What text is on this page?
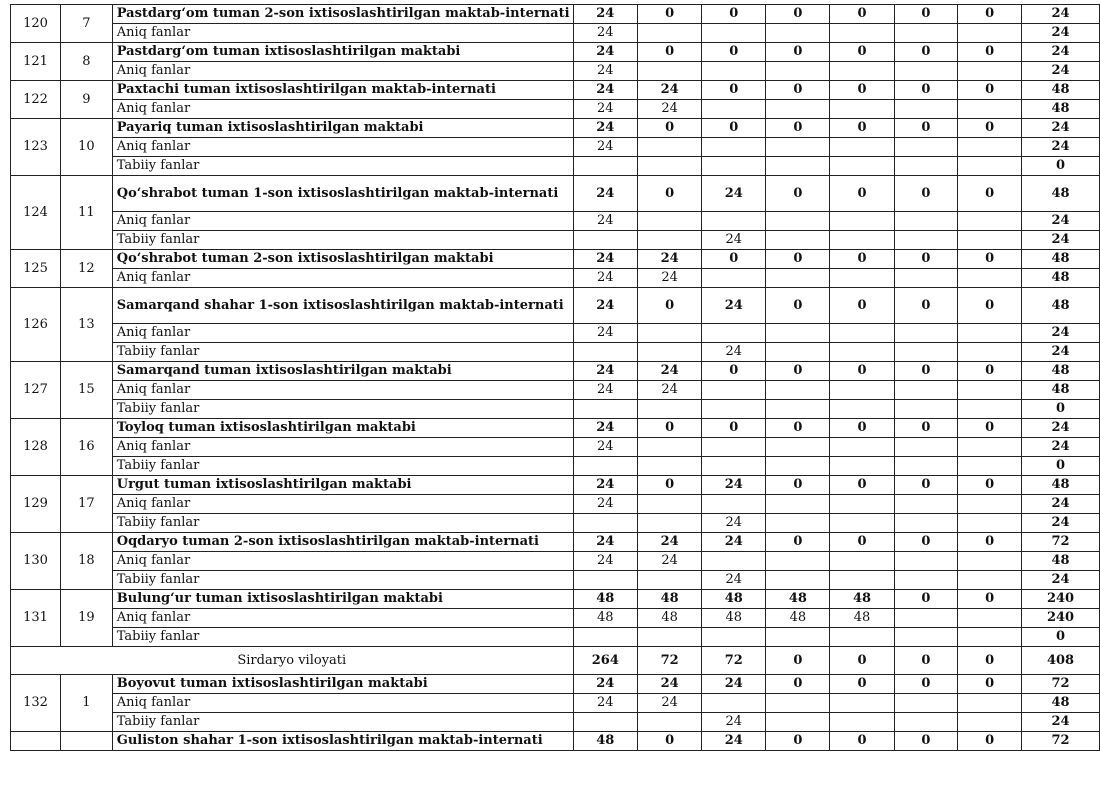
120	7	Pastdarg‘om tuman 2-son ixtisoslashtirilgan maktab-internati	24	0	0	0	0	0	0	24
		Aniq fanlar	24							24
121	8	Pastdarg‘om tuman ixtisoslashtirilgan maktabi	24	0	0	0	0	0	0	24
		Aniq fanlar	24							24
122	9	Paxtachi tuman ixtisoslashtirilgan maktab-internati	24	24	0	0	0	0	0	48
		Aniq fanlar	24	24						48
123	10	Payariq tuman ixtisoslashtirilgan maktabi	24	0	0	0	0	0	0	24
		Aniq fanlar	24							24
		Tabiiy fanlar								0
124	11	Qo‘shrabot tuman 1-son ixtisoslashtirilgan maktab-internati	24	0	24	0	0	0	0	48
		Aniq fanlar	24							24
		Tabiiy fanlar			24					24
125	12	Qo‘shrabot tuman 2-son ixtisoslashtirilgan maktabi	24	24	0	0	0	0	0	48
		Aniq fanlar	24	24						48
126	13	Samarqand shahar 1-son ixtisoslashtirilgan maktab-internati	24	0	24	0	0	0	0	48
		Aniq fanlar	24							24
		Tabiiy fanlar			24					24
127	15	Samarqand tuman ixtisoslashtirilgan maktabi	24	24	0	0	0	0	0	48
		Aniq fanlar	24	24						48
		Tabiiy fanlar								0
128	16	Toyloq tuman ixtisoslashtirilgan maktabi	24	0	0	0	0	0	0	24
		Aniq fanlar	24							24
		Tabiiy fanlar								0
129	17	Urgut tuman ixtisoslashtirilgan maktabi	24	0	24	0	0	0	0	48
		Aniq fanlar	24							24
		Tabiiy fanlar			24					24
130	18	Oqdaryo tuman 2-son ixtisoslashtirilgan maktab-internati	24	24	24	0	0	0	0	72
		Aniq fanlar	24	24						48
		Tabiiy fanlar			24					24
131	19	Bulung‘ur tuman ixtisoslashtirilgan maktabi	48	48	48	48	48	0	0	240
		Aniq fanlar	48	48	48	48	48			240
		Tabiiy fanlar								0
Sirdaryo viloyati			264	72	72	0	0	0	0	408
132	1	Boyovut tuman ixtisoslashtirilgan maktabi	24	24	24	0	0	0	0	72
		Aniq fanlar	24	24						48
		Tabiiy fanlar			24					24
		Guliston shahar 1-son ixtisoslashtirilgan maktab-internati	48	0	24	0	0	0	0	72
